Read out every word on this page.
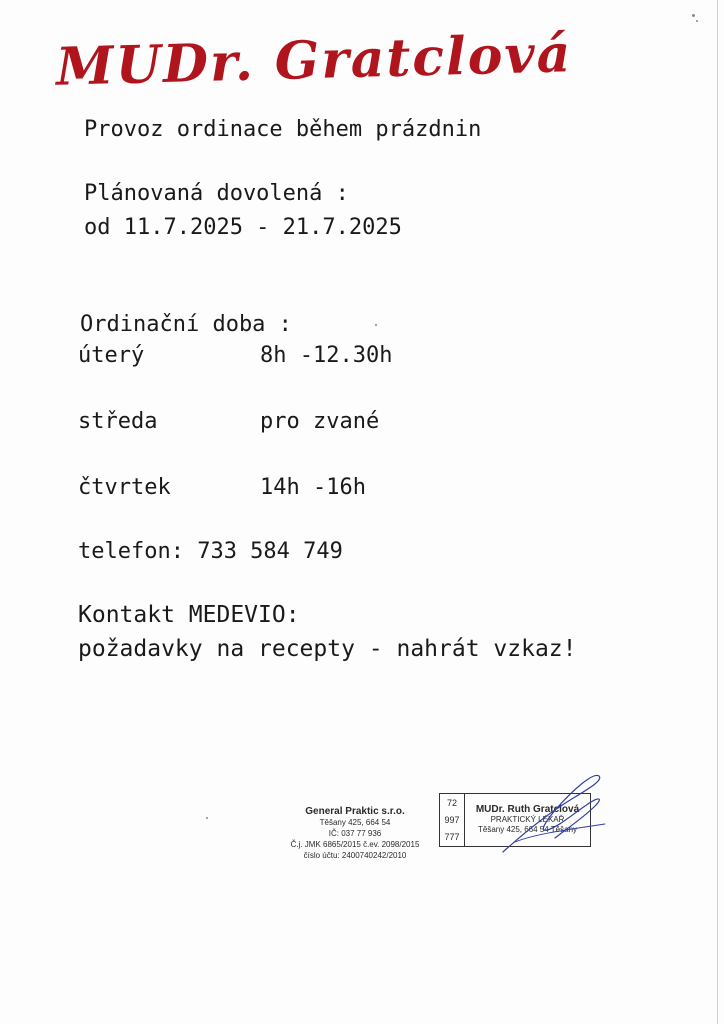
MUDr. Gratclová
Provoz ordinace během prázdnin
Plánovaná dovolená :
od 11.7.2025 - 21.7.2025
Ordinační doba :
úterý	8h -12.30h
středa	pro zvané
čtvrtek	14h -16h
telefon: 733 584 749
Kontakt MEDEVIO:
požadavky na recepty - nahrát vzkaz!
General Praktic s.r.o.
Těšany 425, 664 54
IČ: 037 77 936
Č.j. JMK 6865/2015 č.ev. 2098/2015
číslo účtu: 2400740242/2010
72
997
777
MUDr. Ruth Gratclová
PRAKTICKÝ LÉKAŘ
Těšany 425, 664 54 Těšany
